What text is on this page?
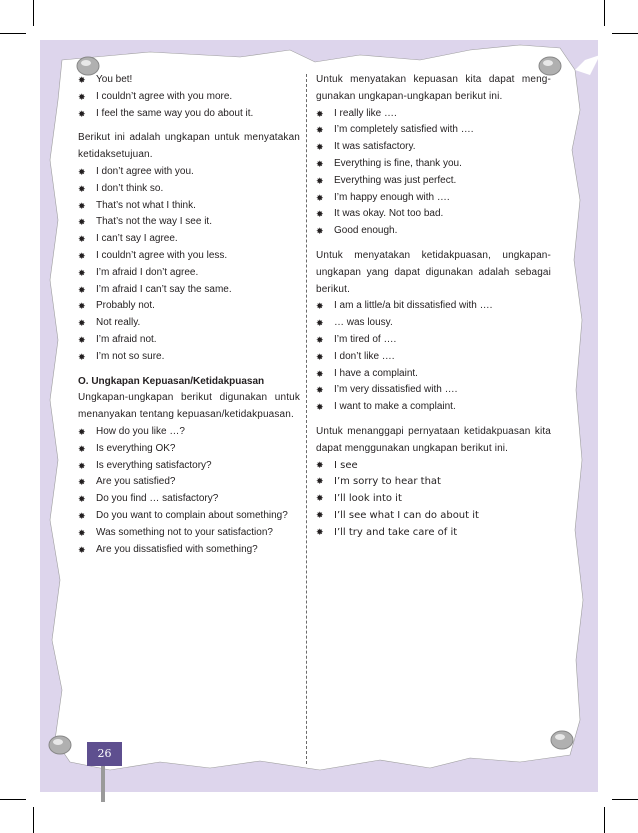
✸ You bet!
✸ I couldn’t agree with you more.
✸ I feel the same way you do about it.

Berikut ini adalah ungkapan untuk menyatakan ketidaksetujuan.

✸ I don’t agree with you.
✸ I don’t think so.
✸ That’s not what I think.
✸ That’s not the way I see it.
✸ I can’t say I agree.
✸ I couldn’t agree with you less.
✸ I’m afraid I don’t agree.
✸ I’m afraid I can’t say the same.
✸ Probably not.
✸ Not really.
✸ I’m afraid not.
✸ I’m not so sure.

O. Ungkapan Kepuasan/Ketidakpuasan

Ungkapan-ungkapan berikut digunakan untuk menanyakan tentang kepuasan/ketidakpuasan.

✸ How do you like …?
✸ Is everything OK?
✸ Is everything satisfactory?
✸ Are you satisfied?
✸ Do you find … satisfactory?
✸ Do you want to complain about something?
✸ Was something not to your satisfaction?
✸ Are you dissatisfied with something?

Untuk menyatakan kepuasan kita dapat meng-gunakan ungkapan-ungkapan berikut ini.

✸ I really like ….
✸ I’m completely satisfied with ….
✸ It was satisfactory.
✸ Everything is fine, thank you.
✸ Everything was just perfect.
✸ I’m happy enough with ….
✸ It was okay. Not too bad.
✸ Good enough.

Untuk menyatakan ketidakpuasan, ungkapan-ungkapan yang dapat digunakan adalah sebagai berikut.

✸ I am a little/a bit dissatisfied with ….
✸ … was lousy.
✸ I’m tired of ….
✸ I don’t like ….
✸ I have a complaint.
✸ I’m very dissatisfied with ….
✸ I want to make a complaint.

Untuk menanggapi pernyataan ketidakpuasan kita dapat menggunakan ungkapan berikut ini.

✸ I see
✸ I’m sorry to hear that
✸ I’ll look into it
✸ I’ll see what I can do about it
✸ I’ll try and take care of it
26
